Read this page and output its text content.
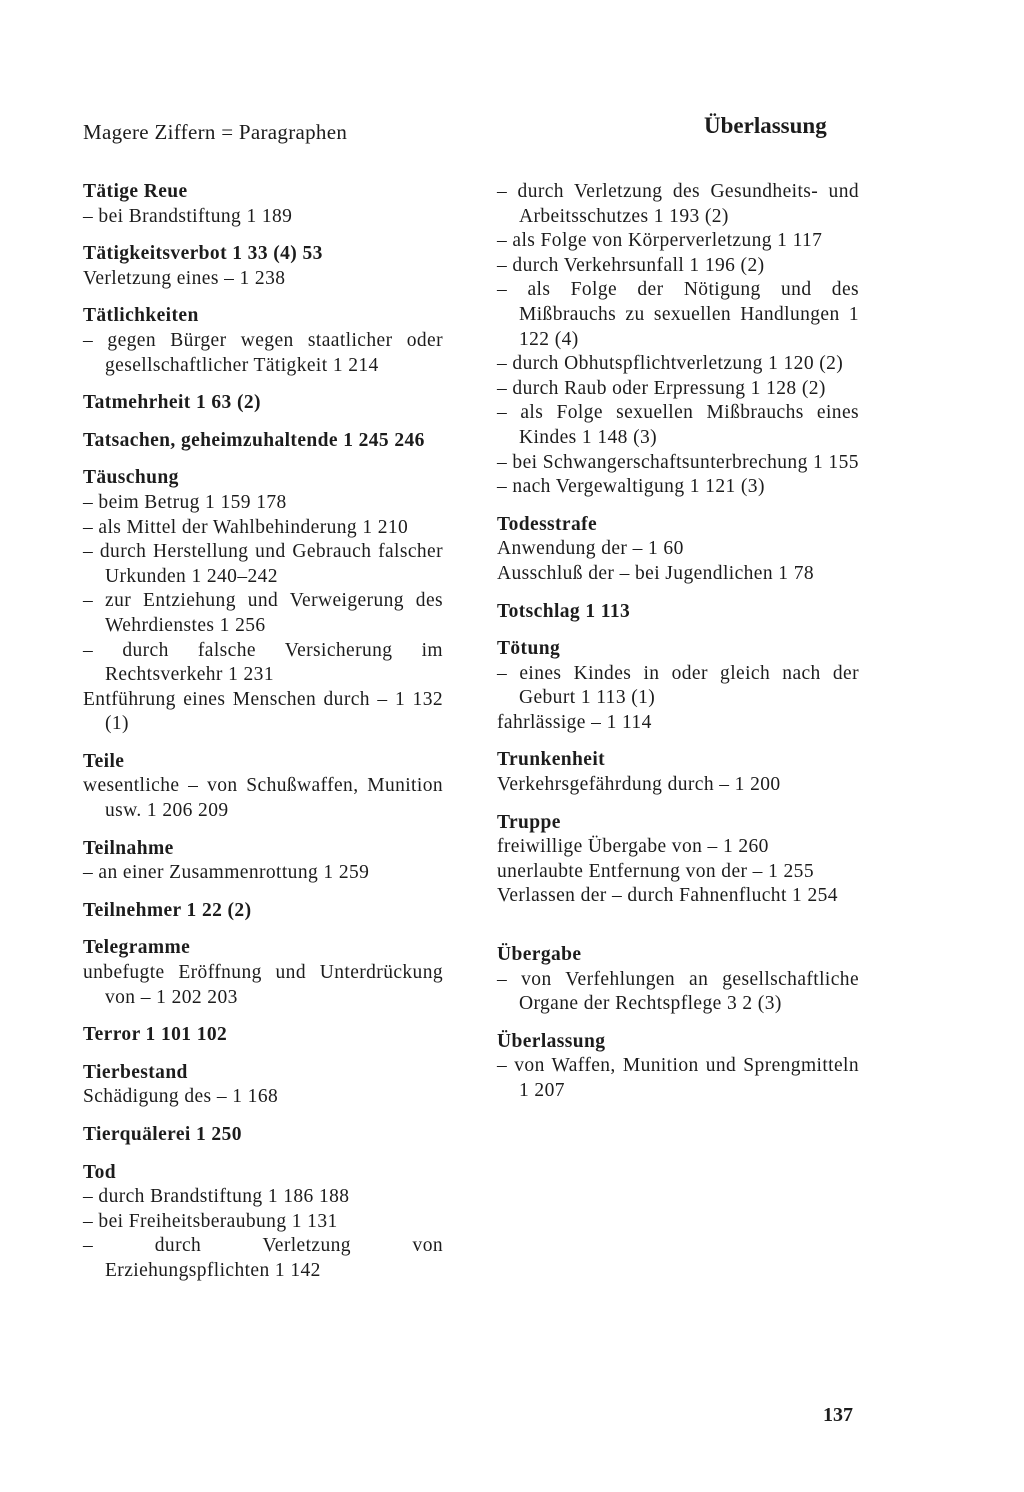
Magere Ziffern = Paragraphen	Überlassung
Tätige Reue
– bei Brandstiftung 1 189
Tätigkeitsverbot 1 33 (4) 53
Verletzung eines – 1 238
Tätlichkeiten
– gegen Bürger wegen staatlicher oder gesellschaftlicher Tätigkeit 1 214
Tatmehrheit 1 63 (2)
Tatsachen, geheimzuhaltende 1 245 246
Täuschung
– beim Betrug 1 159 178
– als Mittel der Wahlbehinderung 1 210
– durch Herstellung und Gebrauch falscher Urkunden 1 240–242
– zur Entziehung und Verweigerung des Wehrdienstes 1 256
– durch falsche Versicherung im Rechtsverkehr 1 231
Entführung eines Menschen durch – 1 132 (1)
Teile
wesentliche – von Schußwaffen, Munition usw. 1 206 209
Teilnahme
– an einer Zusammenrottung 1 259
Teilnehmer 1 22 (2)
Telegramme
unbefugte Eröffnung und Unterdrückung von – 1 202 203
Terror 1 101 102
Tierbestand
Schädigung des – 1 168
Tierquälerei 1 250
Tod
– durch Brandstiftung 1 186 188
– bei Freiheitsberaubung 1 131
– durch Verletzung von Erziehungspflichten 1 142
– durch Verletzung des Gesundheits- und Arbeitsschutzes 1 193 (2)
– als Folge von Körperverletzung 1 117
– durch Verkehrsunfall 1 196 (2)
– als Folge der Nötigung und des Mißbrauchs zu sexuellen Handlungen 1 122 (4)
– durch Obhutspflichtverletzung 1 120 (2)
– durch Raub oder Erpressung 1 128 (2)
– als Folge sexuellen Mißbrauchs eines Kindes 1 148 (3)
– bei Schwangerschaftsunterbrechung 1 155
– nach Vergewaltigung 1 121 (3)
Todesstrafe
Anwendung der – 1 60
Ausschluß der – bei Jugendlichen 1 78
Totschlag 1 113
Tötung
– eines Kindes in oder gleich nach der Geburt 1 113 (1)
fahrlässige – 1 114
Trunkenheit
Verkehrsgefährdung durch – 1 200
Truppe
freiwillige Übergabe von – 1 260
unerlaubte Entfernung von der – 1 255
Verlassen der – durch Fahnenflucht 1 254
Übergabe
– von Verfehlungen an gesellschaftliche Organe der Rechtspflege 3 2 (3)
Überlassung
– von Waffen, Munition und Sprengmitteln 1 207
137
